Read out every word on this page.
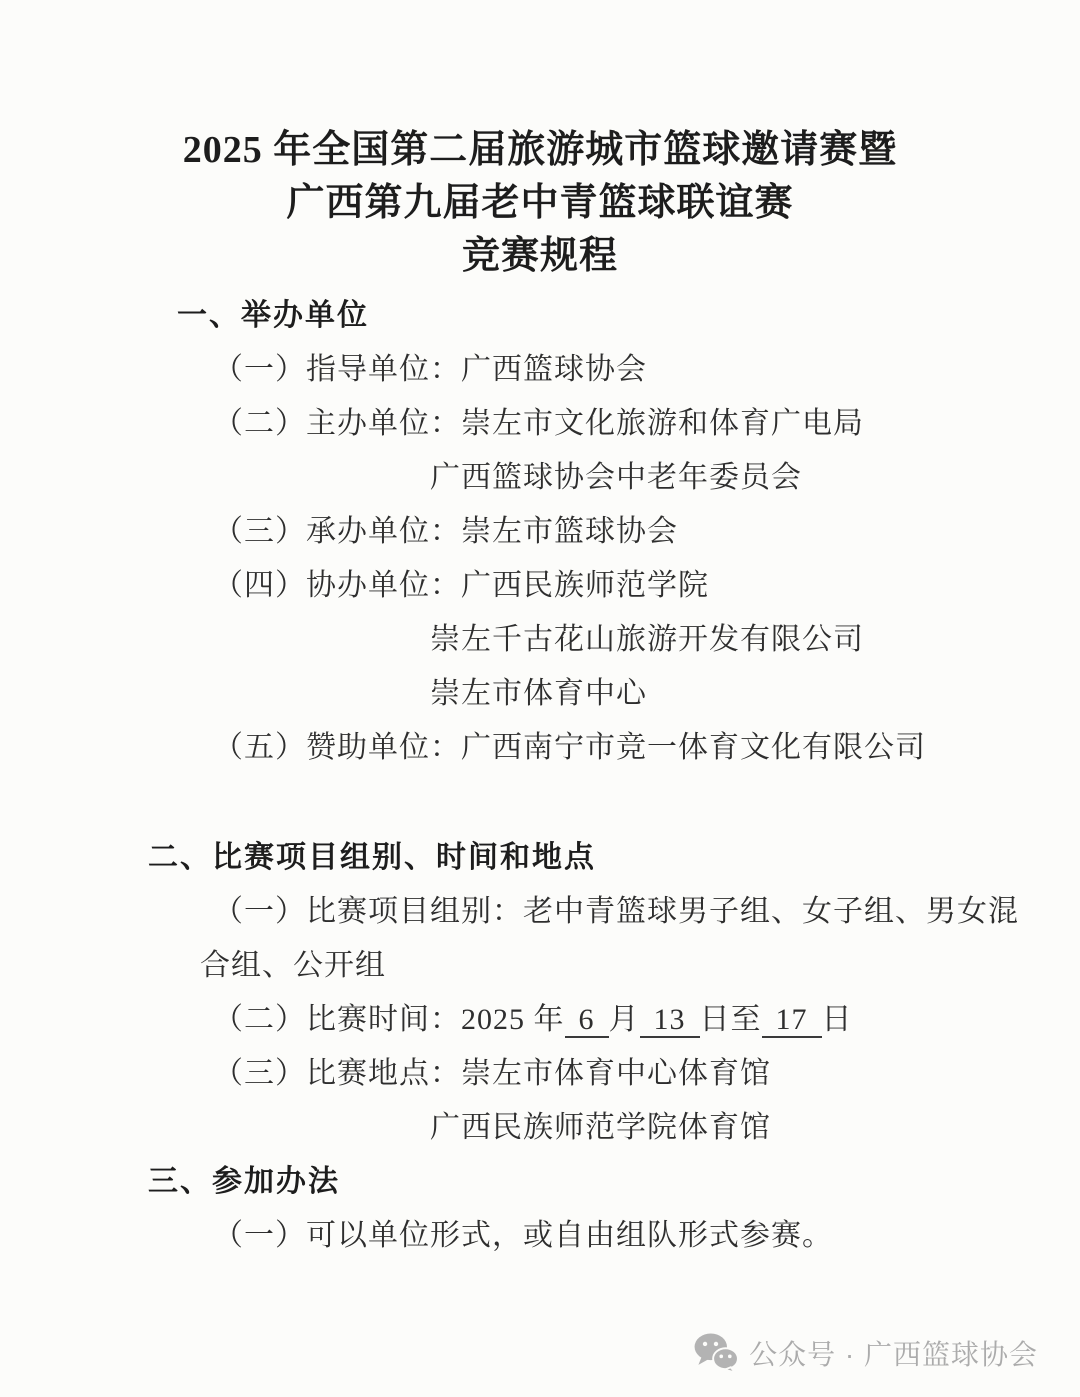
2025 年全国第二届旅游城市篮球邀请赛暨
广西第九届老中青篮球联谊赛
竞赛规程
一、举办单位
（一）指导单位：广西篮球协会
（二）主办单位：崇左市文化旅游和体育广电局
广西篮球协会中老年委员会
（三）承办单位：崇左市篮球协会
（四）协办单位：广西民族师范学院
崇左千古花山旅游开发有限公司
崇左市体育中心
（五）赞助单位：广西南宁市竞一体育文化有限公司
二、比赛项目组别、时间和地点
（一）比赛项目组别：老中青篮球男子组、女子组、男女混
合组、公开组
（二）比赛时间：2025 年 6 月 13 日至 17 日
（三）比赛地点：崇左市体育中心体育馆
广西民族师范学院体育馆
三、参加办法
（一）可以单位形式，或自由组队形式参赛。
公众号 · 广西篮球协会
